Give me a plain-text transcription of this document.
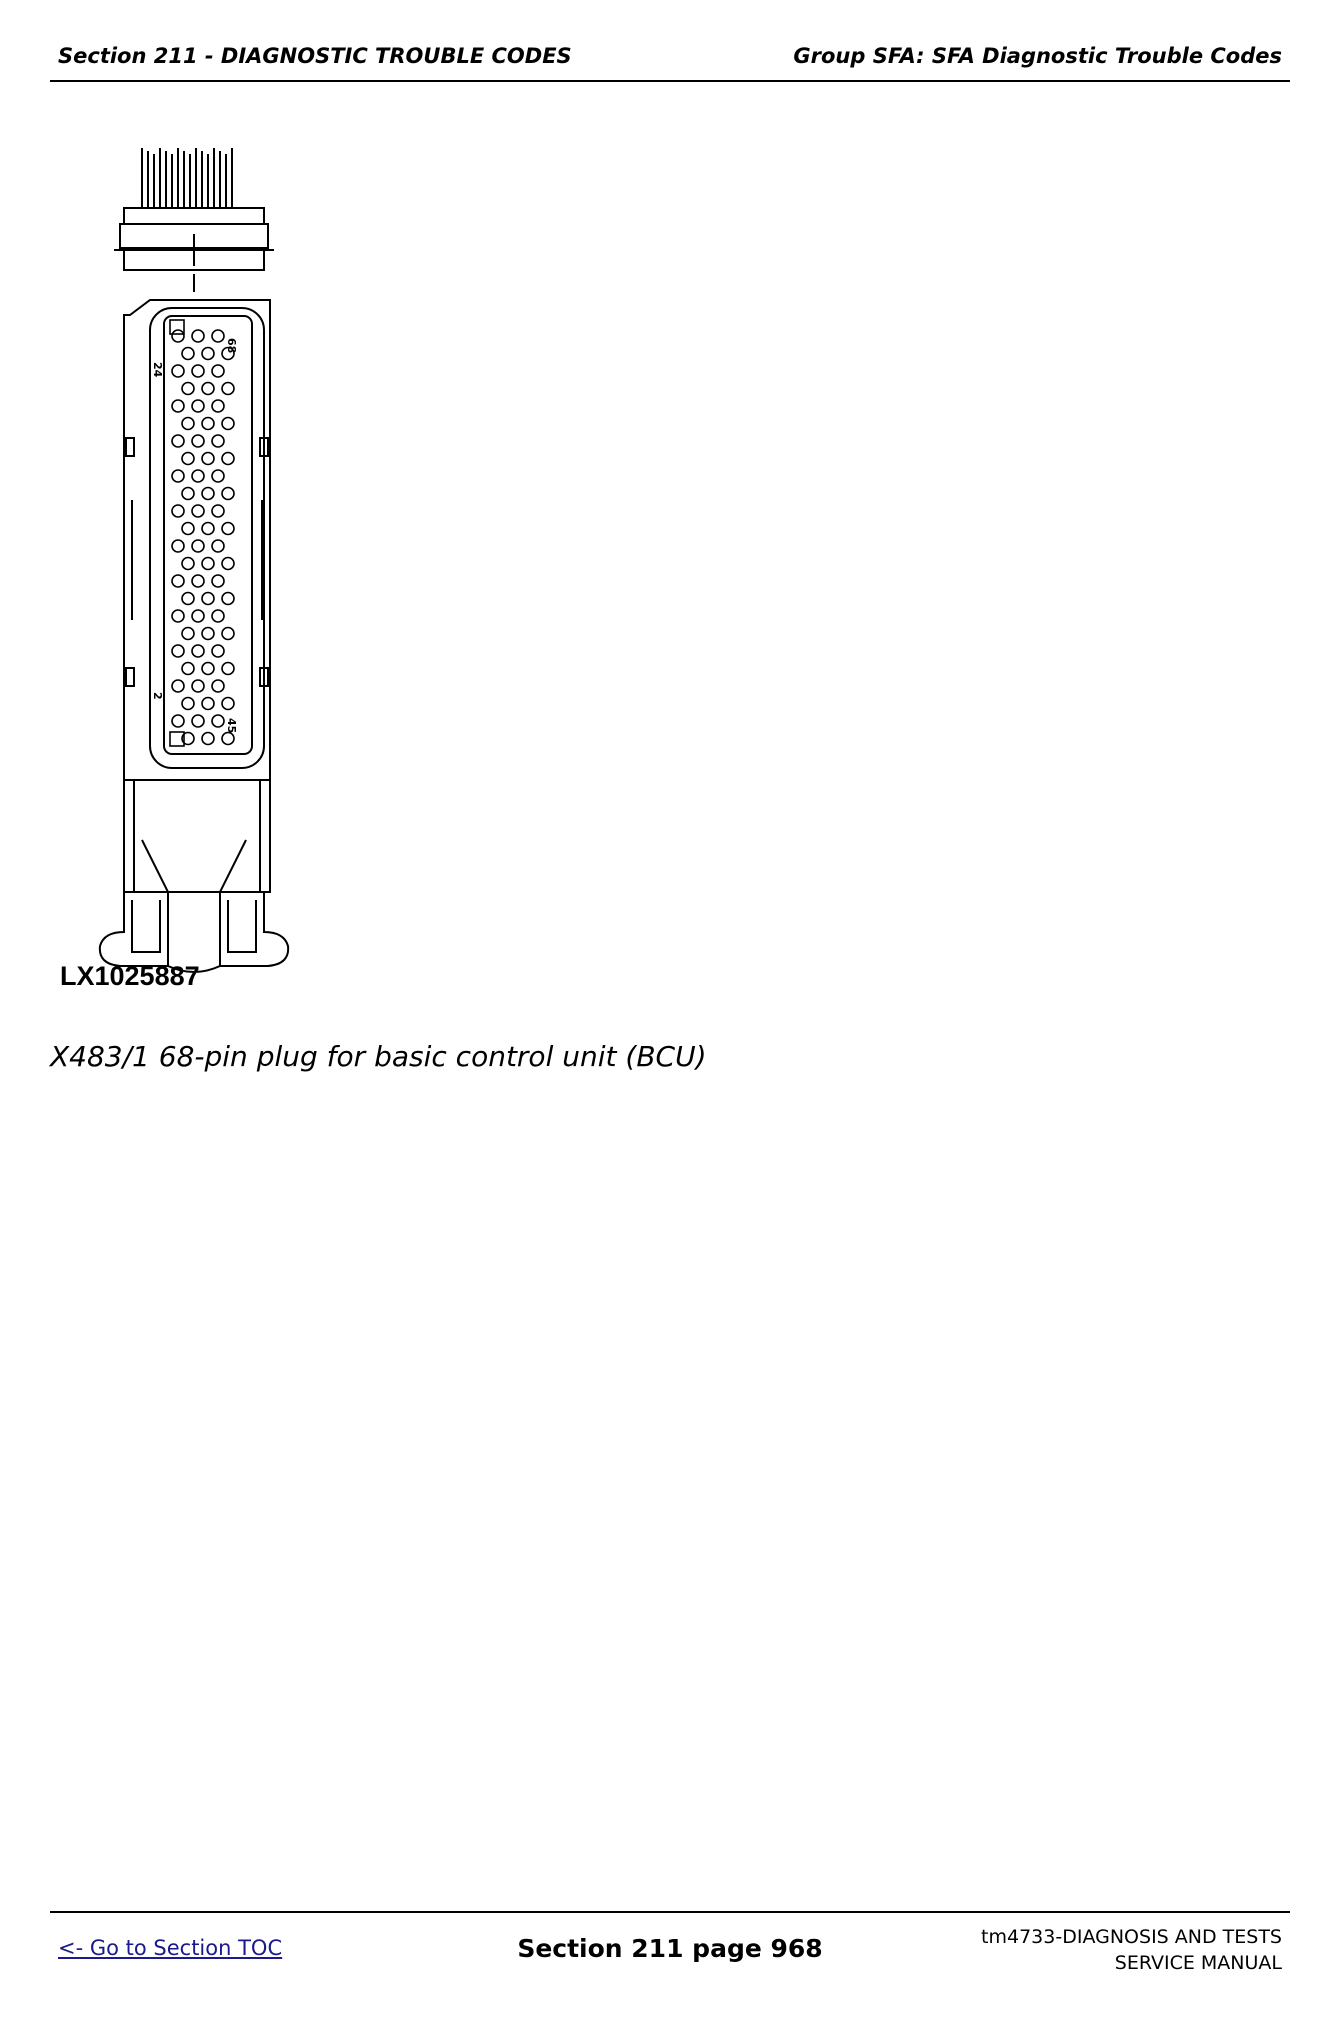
Section 211 - DIAGNOSTIC TROUBLE CODES	Group SFA: SFA Diagnostic Trouble Codes
24
68
2
45
LX1025887
X483/1 68-pin plug for basic control unit (BCU)
<- Go to Section TOC	Section 211 page 968	tm4733-DIAGNOSIS AND TESTS
SERVICE MANUAL
